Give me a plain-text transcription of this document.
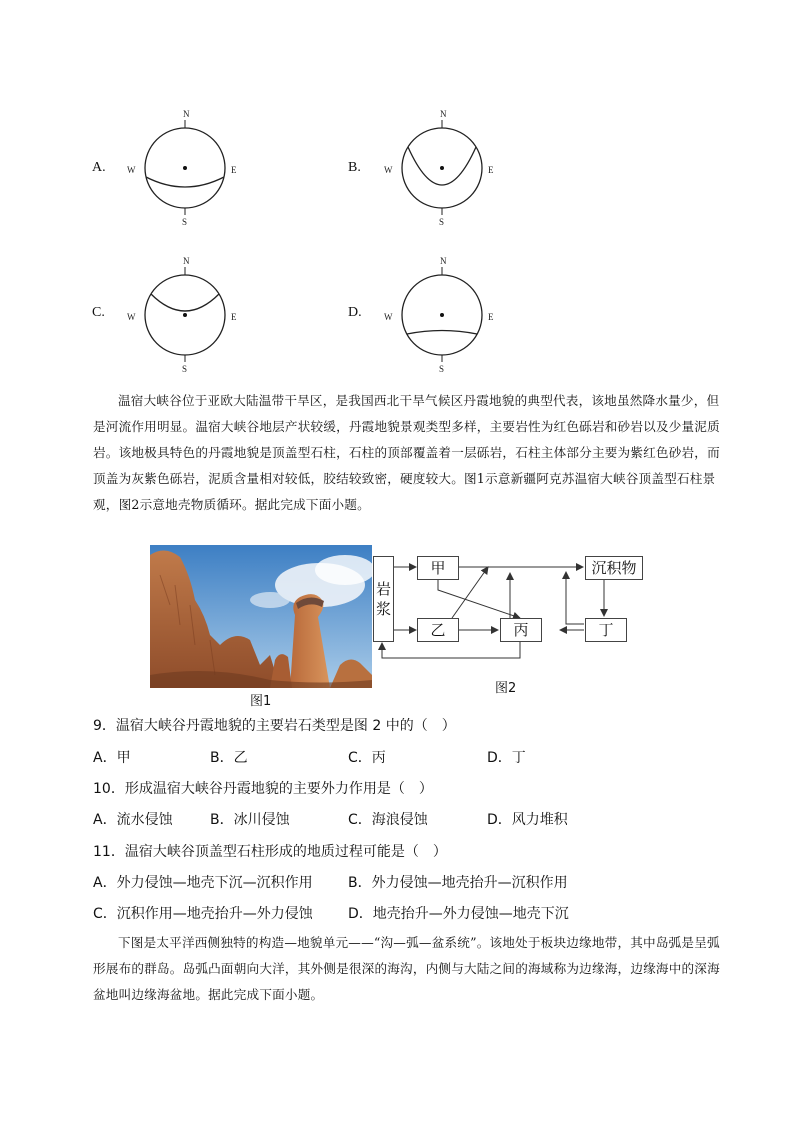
A.
N
S
W	E	B.
N
S
W	E
C.
N
S
W	E	D.
N
S
W	E
温宿大峡谷位于亚欧大陆温带干旱区，是我国西北干旱气候区丹霞地貌的典型代表，该地虽然降水量少，但是河流作用明显。温宿大峡谷地层产状较缓，丹霞地貌景观类型多样，主要岩性为红色砾岩和砂岩以及少量泥质岩。该地极具特色的丹霞地貌是顶盖型石柱，石柱的顶部覆盖着一层砾岩，石柱主体部分主要为紫红色砂岩，而顶盖为灰紫色砾岩，泥质含量相对较低，胶结较致密，硬度较大。图1示意新疆阿克苏温宿大峡谷顶盖型石柱景观，图2示意地壳物质循环。据此完成下面小题。
图1
岩浆
甲
乙	丙	丁
沉积物
图2
9．温宿大峡谷丹霞地貌的主要岩石类型是图 2 中的（　）
A．甲	B．乙	C．丙	D．丁
10．形成温宿大峡谷丹霞地貌的主要外力作用是（　）
A．流水侵蚀	B．冰川侵蚀	C．海浪侵蚀	D．风力堆积
11．温宿大峡谷顶盖型石柱形成的地质过程可能是（　）
A．外力侵蚀—地壳下沉—沉积作用	B．外力侵蚀—地壳抬升—沉积作用
C．沉积作用—地壳抬升—外力侵蚀	D．地壳抬升—外力侵蚀—地壳下沉
下图是太平洋西侧独特的构造—地貌单元——“沟—弧—盆系统”。该地处于板块边缘地带，其中岛弧是呈弧形展布的群岛。岛弧凸面朝向大洋，其外侧是很深的海沟，内侧与大陆之间的海域称为边缘海，边缘海中的深海盆地叫边缘海盆地。据此完成下面小题。
